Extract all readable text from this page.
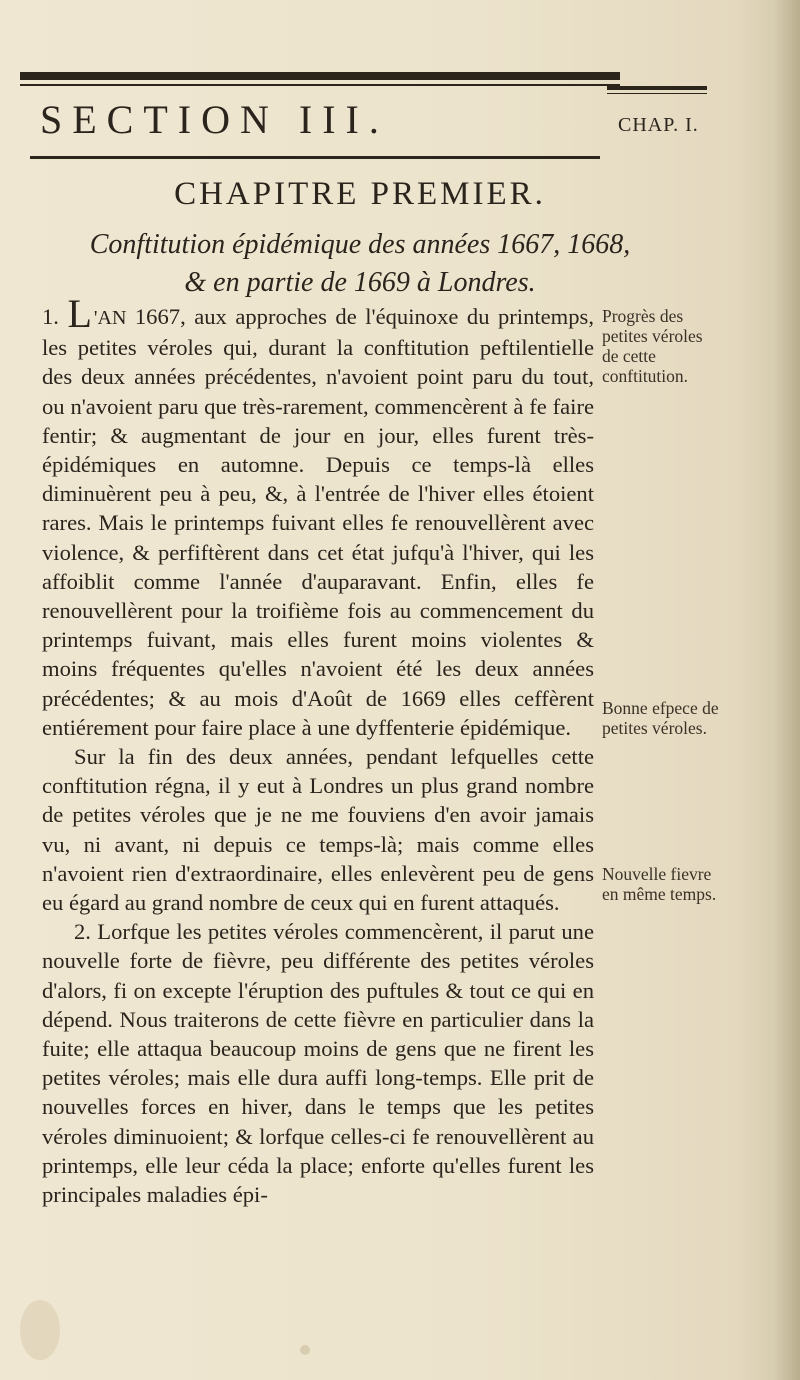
SECTION III.	CHAP. I.
CHAPITRE PREMIER.
Conftitution épidémique des années 1667, 1668,
& en partie de 1669 à Londres.

1. L 'AN 1667, aux approches de l'équinoxe du printemps, les petites véroles qui, durant la conftitution peftilentielle des deux années précédentes, n'avoient point paru du tout, ou n'avoient paru que très-rarement, commencèrent à fe faire fentir; & augmentant de jour en jour, elles furent très-épidémiques en automne. Depuis ce temps-là elles diminuèrent peu à peu, &, à l'entrée de l'hiver elles étoient rares. Mais le printemps fuivant elles fe renouvellèrent avec violence, & perfiftèrent dans cet état jufqu'à l'hiver, qui les affoiblit comme l'année d'auparavant. Enfin, elles fe renouvellèrent pour la troifième fois au commencement du printemps fuivant, mais elles furent moins violentes & moins fréquentes qu'elles n'avoient été les deux années précédentes; & au mois d'Août de 1669 elles ceffèrent entiérement pour faire place à une dyffenterie épidémique.

Sur la fin des deux années, pendant lefquelles cette conftitution régna, il y eut à Londres un plus grand nombre de petites véroles que je ne me fouviens d'en avoir jamais vu, ni avant, ni depuis ce temps-là; mais comme elles n'avoient rien d'extraordinaire, elles enlevèrent peu de gens eu égard au grand nombre de ceux qui en furent attaqués.

2. Lorfque les petites véroles commencèrent, il parut une nouvelle forte de fièvre, peu différente des petites véroles d'alors, fi on excepte l'éruption des puftules & tout ce qui en dépend. Nous traiterons de cette fièvre en particulier dans la fuite; elle attaqua beaucoup moins de gens que ne firent les petites véroles; mais elle dura auffi long-temps. Elle prit de nouvelles forces en hiver, dans le temps que les petites véroles diminuoient; & lorfque celles-ci fe renouvellèrent au printemps, elle leur céda la place; enforte qu'elles furent les principales maladies épi-

Progrès des petites véroles de cette conftitution.
Bonne efpece de petites véroles.
Nouvelle fievre en même temps.
